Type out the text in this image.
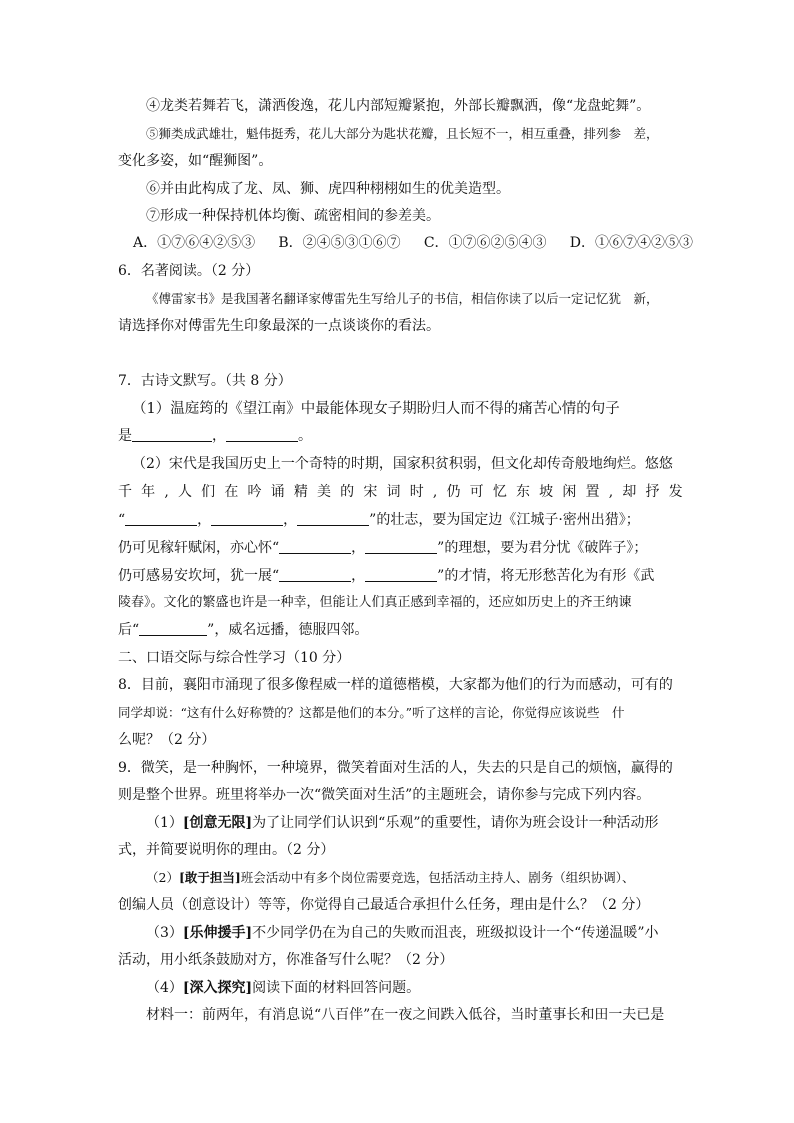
④龙类若舞若飞，潇洒俊逸，花儿内部短瓣紧抱，外部长瓣飘洒，像“龙盘蛇舞”。
⑤狮类成武雄壮，魁伟挺秀，花儿大部分为匙状花瓣，且长短不一，相互重叠，排列参　差，
变化多姿，如“醒狮图”。
⑥并由此构成了龙、凤、狮、虎四种栩栩如生的优美造型。
⑦形成一种保持机体均衡、疏密相间的参差美。
A．①⑦⑥④②⑤③ B．②④⑤③①⑥⑦ C．①⑦⑥②⑤④③ D．①⑥⑦④②⑤③
6．名著阅读。（2 分）
《傅雷家书》是我国著名翻译家傅雷先生写给儿子的书信，相信你读了以后一定记忆犹　新，
请选择你对傅雷先生印象最深的一点谈谈你的看法。
7．古诗文默写。（共 8 分）
（1）温庭筠的《望江南》中最能体现女子期盼归人而不得的痛苦心情的句子
是	，	。
（2）宋代是我国历史上一个奇特的时期，国家积贫积弱，但文化却传奇般地绚烂。悠悠
千 年 , 人 们 在 吟 诵 精 美 的 宋 词 时 , 仍 可 忆 东 坡 闲 置 , 却 抒 发
“	，	，	”的壮志，要为国定边《江城子·密州出猎》；
仍可见稼轩赋闲，亦心怀“	，	”的理想，要为君分忧《破阵子》；
仍可感易安坎坷，犹一展“	，	”的才情，将无形愁苦化为有形《武
陵春》。文化的繁盛也许是一种幸，但能让人们真正感到幸福的，还应如历史上的齐王纳谏
后“	”，威名远播，德服四邻。
二、口语交际与综合性学习（10 分）
8．目前，襄阳市涌现了很多像程威一样的道德楷模，大家都为他们的行为而感动，可有的
同学却说：“这有什么好称赞的？这都是他们的本分。”听了这样的言论，你觉得应该说些　什
么呢？（2 分）
9．微笑，是一种胸怀，一种境界，微笑着面对生活的人，失去的只是自己的烦恼，赢得的
则是整个世界。班里将举办一次“微笑面对生活”的主题班会，请你参与完成下列内容。
（1）[创意无限]为了让同学们认识到“乐观”的重要性，请你为班会设计一种活动形
式，并简要说明你的理由。（2 分）
（2）[敢于担当]班会活动中有多个岗位需要竞选，包括活动主持人、剧务（组织协调）、
创编人员（创意设计）等等，你觉得自己最适合承担什么任务，理由是什么？（2 分）
（3）[乐伸援手]不少同学仍在为自己的失败而沮丧，班级拟设计一个“传递温暖”小
活动，用小纸条鼓励对方，你准备写什么呢？（2 分）
（4）[深入探究]阅读下面的材料回答问题。
材料一：前两年，有消息说“八百伴”在一夜之间跌入低谷，当时董事长和田一夫已是
